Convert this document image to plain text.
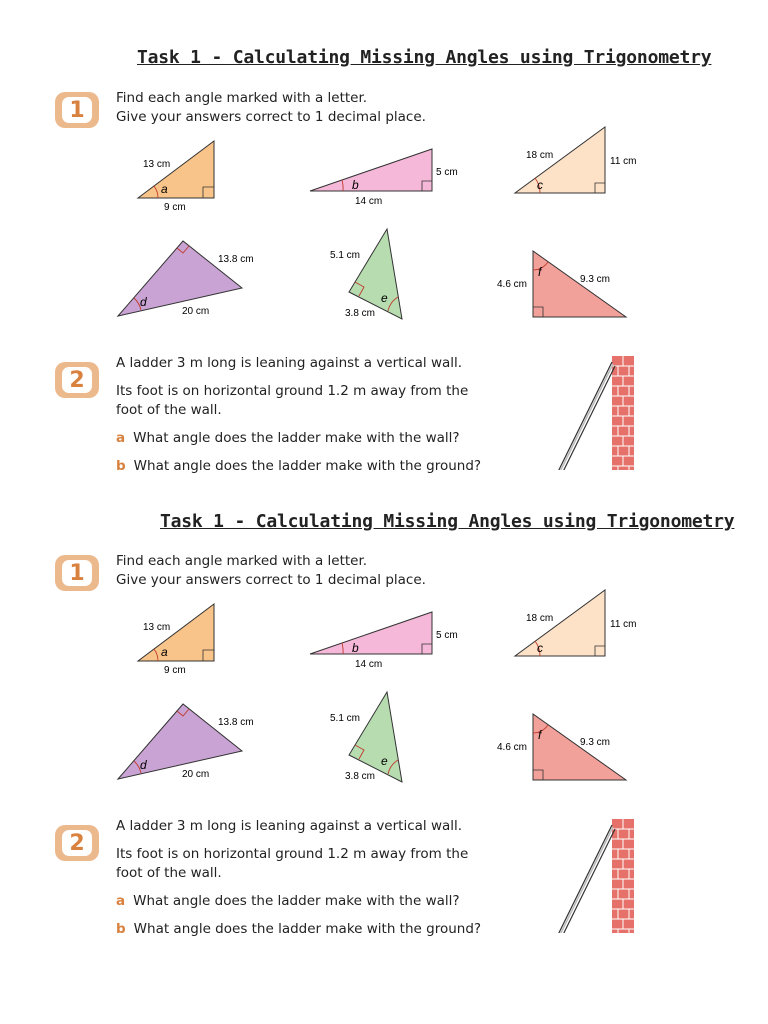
Task 1 - Calculating Missing Angles using Trigonometry
1	Find each angle marked with a letter.
Give your answers correct to 1 decimal place.
a
13 cm
9 cm
b
5 cm
14 cm
c
18 cm
11 cm
d
13.8 cm
20 cm
e
5.1 cm
3.8 cm
f
4.6 cm	9.3 cm
2
A ladder 3 m long is leaning against a vertical wall.
Its foot is on horizontal ground 1.2 m away from the
foot of the wall.
a What angle does the ladder make with the wall?
b What angle does the ladder make with the ground?
Task 1 - Calculating Missing Angles using Trigonometry
1	Find each angle marked with a letter.
Give your answers correct to 1 decimal place.
a
13 cm
9 cm
b
5 cm
14 cm
c
18 cm
11 cm
d
13.8 cm
20 cm
e
5.1 cm
3.8 cm
f
4.6 cm	9.3 cm
2
A ladder 3 m long is leaning against a vertical wall.
Its foot is on horizontal ground 1.2 m away from the
foot of the wall.
a What angle does the ladder make with the wall?
b What angle does the ladder make with the ground?
